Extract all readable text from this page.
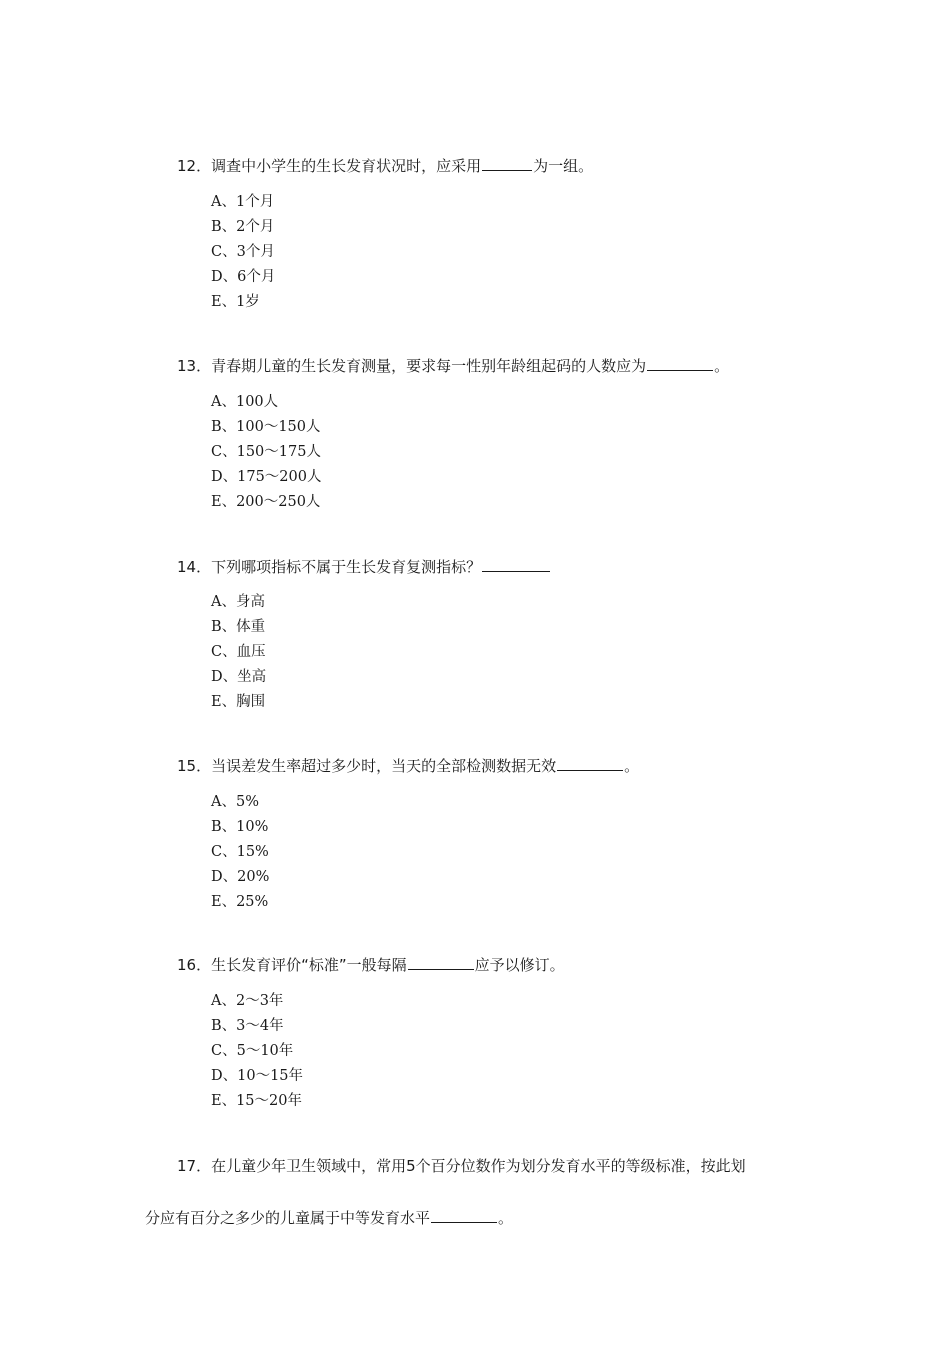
12．调查中小学生的生长发育状况时，应采用	为一组。
A、1个月
B、2个月
C、3个月
D、6个月
E、1岁
13．青春期儿童的生长发育测量，要求每一性别年龄组起码的人数应为	。
A、100人
B、100～150人
C、150～175人
D、175～200人
E、200～250人
14．下列哪项指标不属于生长发育复测指标？
A、身高
B、体重
C、血压
D、坐高
E、胸围
15．当误差发生率超过多少时，当天的全部检测数据无效	。
A、5%
B、10%
C、15%
D、20%
E、25%
16．生长发育评价“标准”一般每隔	应予以修订。
A、2～3年
B、3～4年
C、5～10年
D、10～15年
E、15～20年
17．在儿童少年卫生领域中，常用5个百分位数作为划分发育水平的等级标准，按此划
分应有百分之多少的儿童属于中等发育水平	。
